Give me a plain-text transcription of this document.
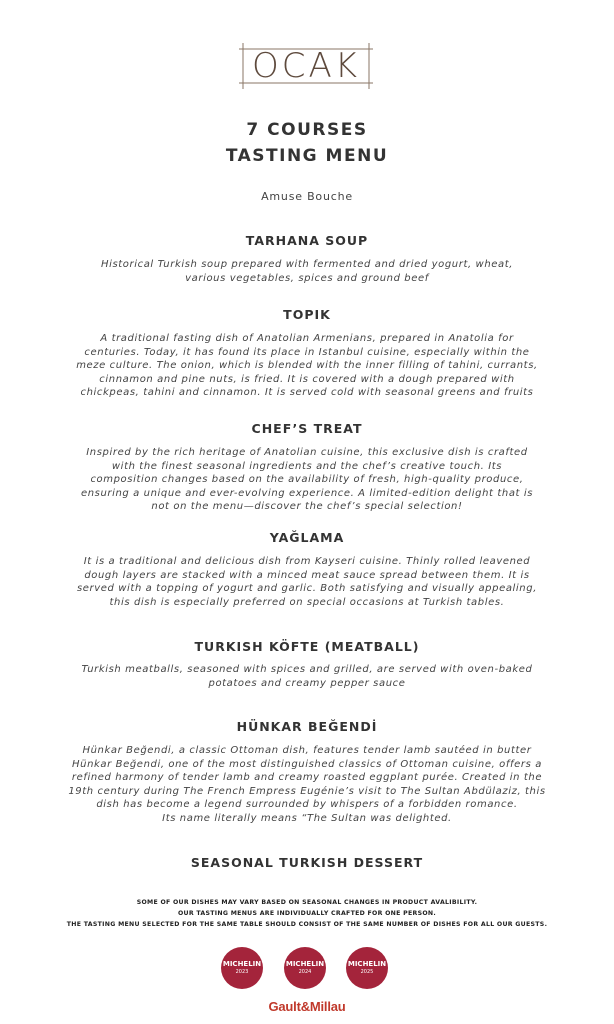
OCAK
7 COURSES
TASTING MENU
Amuse Bouche
TARHANA SOUP
Historical Turkish soup prepared with fermented and dried yogurt, wheat,
various vegetables, spices and ground beef
TOPIK
A traditional fasting dish of Anatolian Armenians, prepared in Anatolia for
centuries. Today, it has found its place in Istanbul cuisine, especially within the
meze culture. The onion, which is blended with the inner filling of tahini, currants,
cinnamon and pine nuts, is fried. It is covered with a dough prepared with
chickpeas, tahini and cinnamon. It is served cold with seasonal greens and fruits
CHEF’S TREAT
Inspired by the rich heritage of Anatolian cuisine, this exclusive dish is crafted
with the finest seasonal ingredients and the chef’s creative touch. Its
composition changes based on the availability of fresh, high-quality produce,
ensuring a unique and ever-evolving experience. A limited-edition delight that is
not on the menu—discover the chef’s special selection!
YAĞLAMA
It is a traditional and delicious dish from Kayseri cuisine. Thinly rolled leavened
dough layers are stacked with a minced meat sauce spread between them. It is
served with a topping of yogurt and garlic. Both satisfying and visually appealing,
this dish is especially preferred on special occasions at Turkish tables.
TURKISH KÖFTE (MEATBALL)
Turkish meatballs, seasoned with spices and grilled, are served with oven-baked
potatoes and creamy pepper sauce
HÜNKAR BEĞENDİ
Hünkar Beğendi, a classic Ottoman dish, features tender lamb sautéed in butter
Hünkar Beğendi, one of the most distinguished classics of Ottoman cuisine, offers a
refined harmony of tender lamb and creamy roasted eggplant purée. Created in the
19th century during The French Empress Eugénie’s visit to The Sultan Abdülaziz, this
dish has become a legend surrounded by whispers of a forbidden romance.
Its name literally means “The Sultan was delighted.
SEASONAL TURKISH DESSERT
SOME OF OUR DISHES MAY VARY BASED ON SEASONAL CHANGES IN PRODUCT AVALIBILITY.
OUR TASTING MENUS ARE INDIVIDUALLY CRAFTED FOR ONE PERSON.
THE TASTING MENU SELECTED FOR THE SAME TABLE SHOULD CONSIST OF THE SAME NUMBER OF DISHES FOR ALL OUR GUESTS.
MICHELIN
2023
MICHELIN
2024
MICHELIN
2025
Gault&Millau
